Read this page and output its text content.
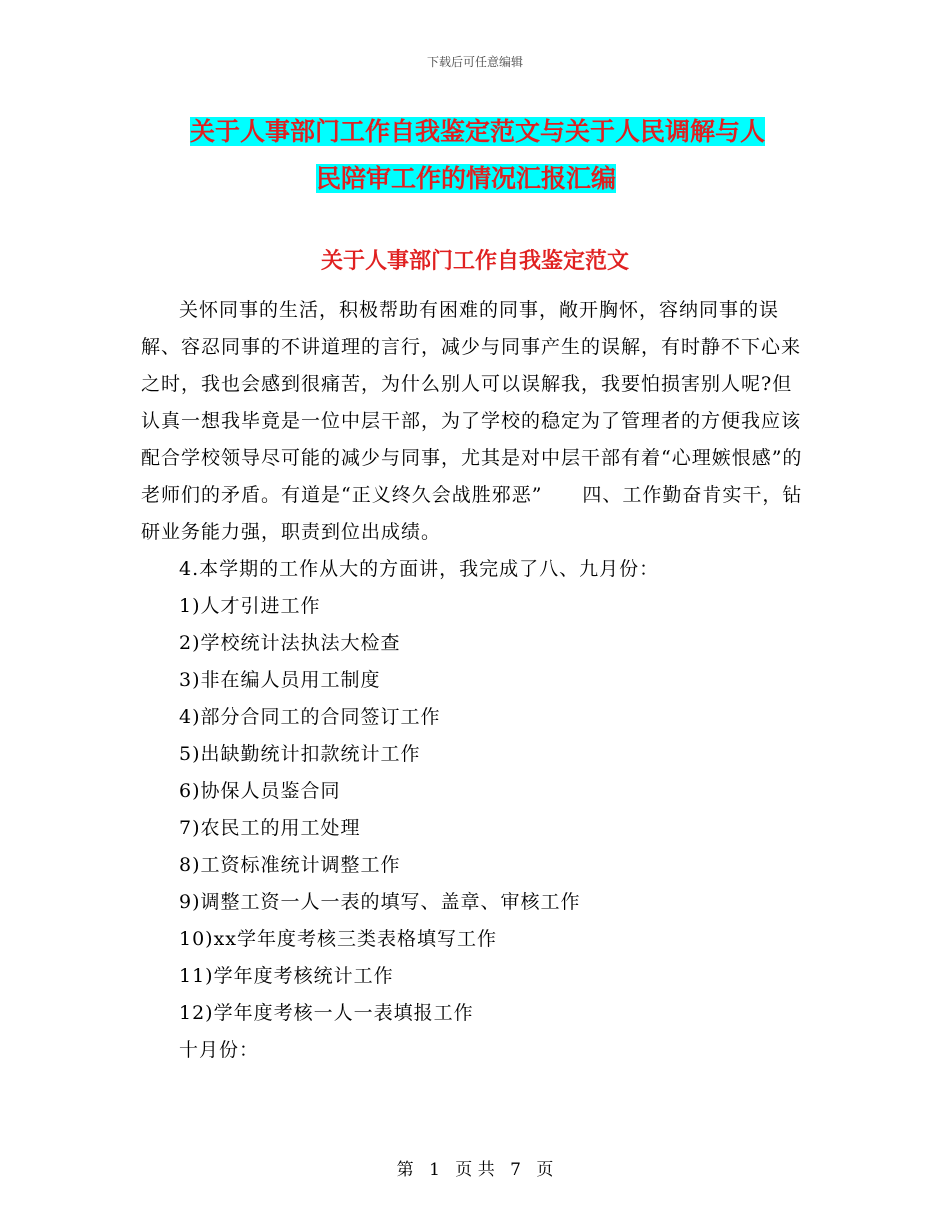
下载后可任意编辑
关于人事部门工作自我鉴定范文与关于人民调解与人
民陪审工作的情况汇报汇编
关于人事部门工作自我鉴定范文

关怀同事的生活，积极帮助有困难的同事，敞开胸怀，容纳同事的误解、容忍同事的不讲道理的言行，减少与同事产生的误解，有时静不下心来之时，我也会感到很痛苦，为什么别人可以误解我，我要怕损害别人呢?但认真一想我毕竟是一位中层干部，为了学校的稳定为了管理者的方便我应该配合学校领导尽可能的减少与同事，尤其是对中层干部有着“心理嫉恨感”的老师们的矛盾。有道是“正义终久会战胜邪恶”　　四、工作勤奋肯实干，钻研业务能力强，职责到位出成绩。

4.本学期的工作从大的方面讲，我完成了八、九月份：

1)人才引进工作
2)学校统计法执法大检查
3)非在编人员用工制度
4)部分合同工的合同签订工作
5)出缺勤统计扣款统计工作
6)协保人员鉴合同
7)农民工的用工处理
8)工资标准统计调整工作
9)调整工资一人一表的填写、盖章、审核工作
10)xx学年度考核三类表格填写工作
11)学年度考核统计工作
12)学年度考核一人一表填报工作
十月份：
第 1 页 共 7 页
